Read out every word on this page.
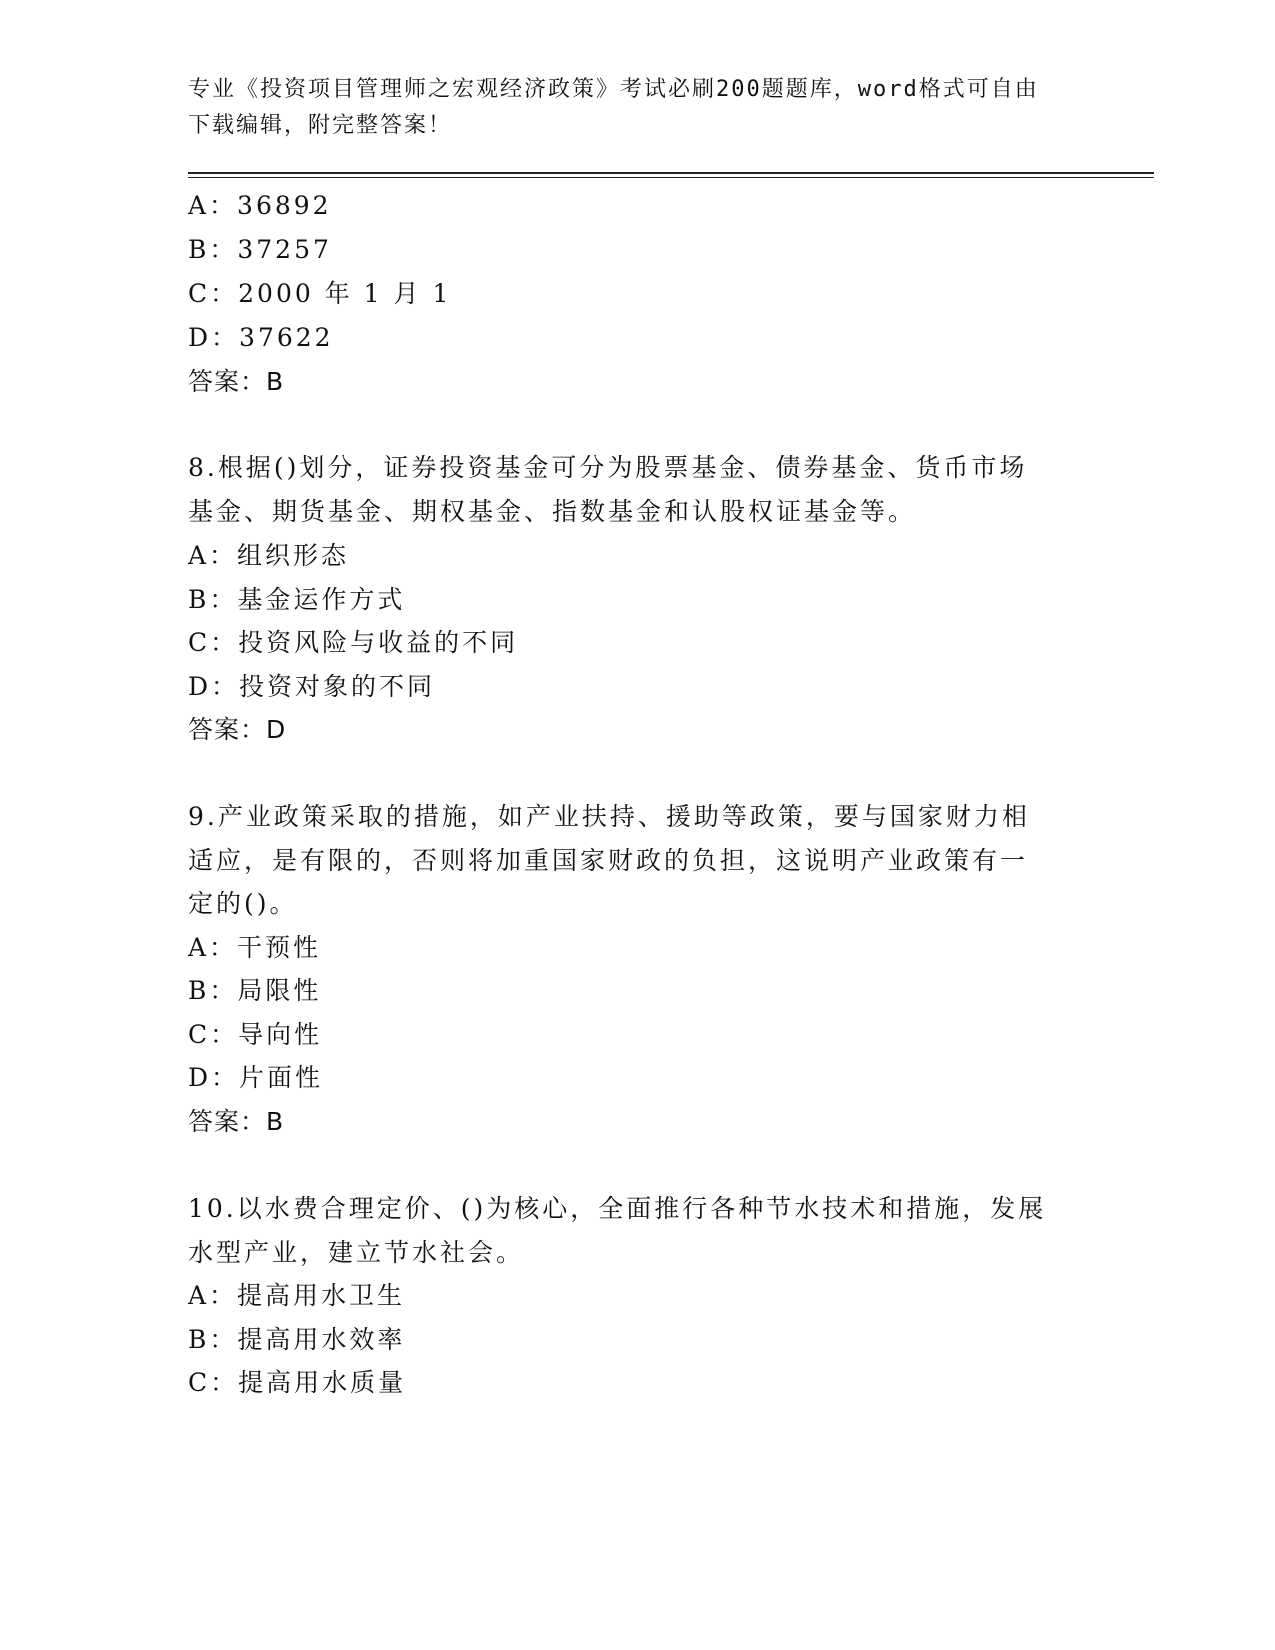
专业《投资项目管理师之宏观经济政策》考试必刷200题题库，word格式可自由
下载编辑，附完整答案！
A：36892
B：37257
C：2000 年 1 月 1
D：37622
答案：B
8.根据()划分，证券投资基金可分为股票基金、债券基金、货币市场
基金、期货基金、期权基金、指数基金和认股权证基金等。
A：组织形态
B：基金运作方式
C：投资风险与收益的不同
D：投资对象的不同
答案：D
9.产业政策采取的措施，如产业扶持、援助等政策，要与国家财力相
适应，是有限的，否则将加重国家财政的负担，这说明产业政策有一
定的()。
A：干预性
B：局限性
C：导向性
D：片面性
答案：B
10.以水费合理定价、()为核心，全面推行各种节水技术和措施，发展
水型产业，建立节水社会。
A：提高用水卫生
B：提高用水效率
C：提高用水质量
